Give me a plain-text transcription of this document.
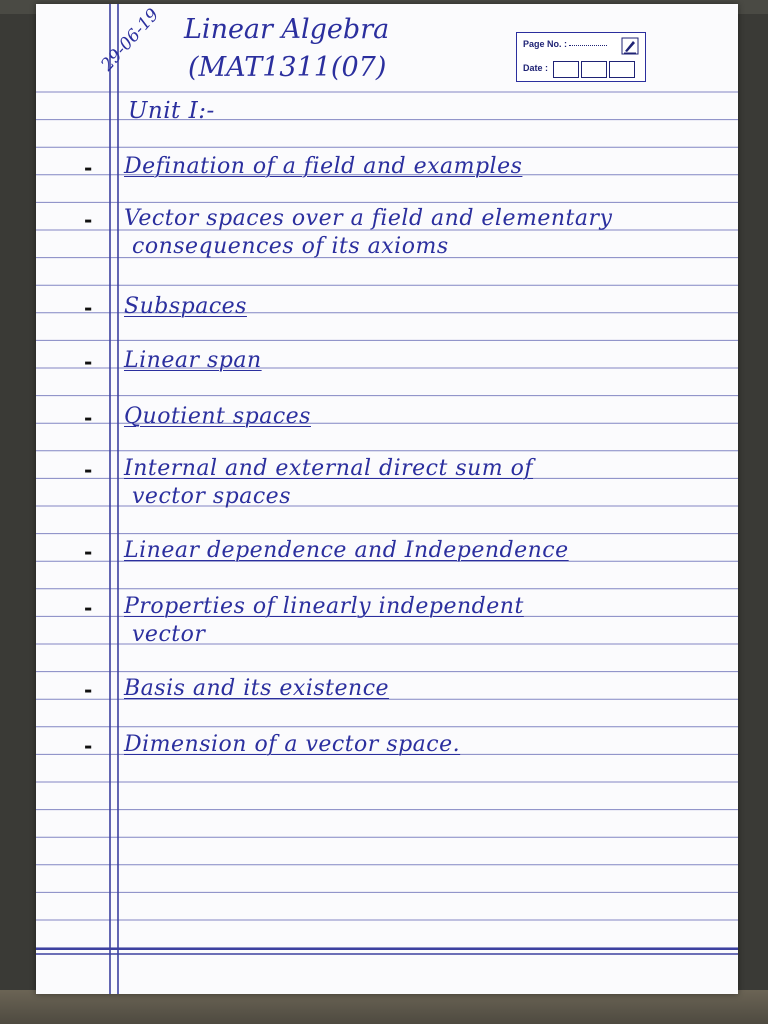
29-06-19 Linear Algebra
(MAT1311(07)
Page No. :
Date :
Unit I:-
- Defination of a field and examples
- Vector spaces over a field and elementary
consequences of its axioms
- Subspaces
- Linear span
- Quotient spaces
- Internal and external direct sum of
vector spaces
- Linear dependence and Independence
- Properties of linearly independent
vector
- Basis and its existence
- Dimension of a vector space.
